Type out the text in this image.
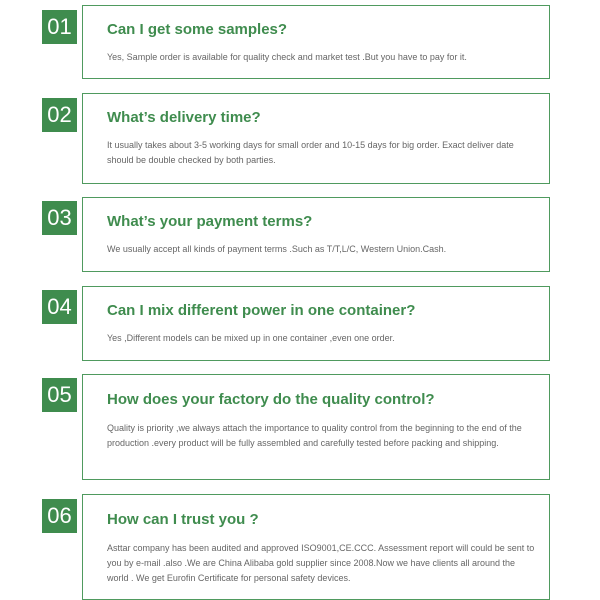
01	Can I get some samples?

Yes, Sample order is available for quality check and market test .But you have to pay for it.

02	What’s delivery time?

It usually takes about 3-5 working days for small order and 10-15 days for big order. Exact deliver date should be double checked by both parties.

03	What’s your payment terms?

We usually accept all kinds of payment terms .Such as T/T,L/C, Western Union.Cash.

04	Can I mix different power in one container?

Yes ,Different models can be mixed up in one container ,even one order.

05	How does your factory do the quality control?

Quality is priority ,we always attach the importance to quality control from the beginning to the end of the production .every product will be fully assembled and carefully tested before packing and shipping.

06	How can I trust you ?

Asttar company has been audited and approved ISO9001,CE.CCC. Assessment report will could be sent to you by e-mail .also .We are China Alibaba gold supplier since 2008.Now we have clients all around the world . We get Eurofin Certificate for personal safety devices.
